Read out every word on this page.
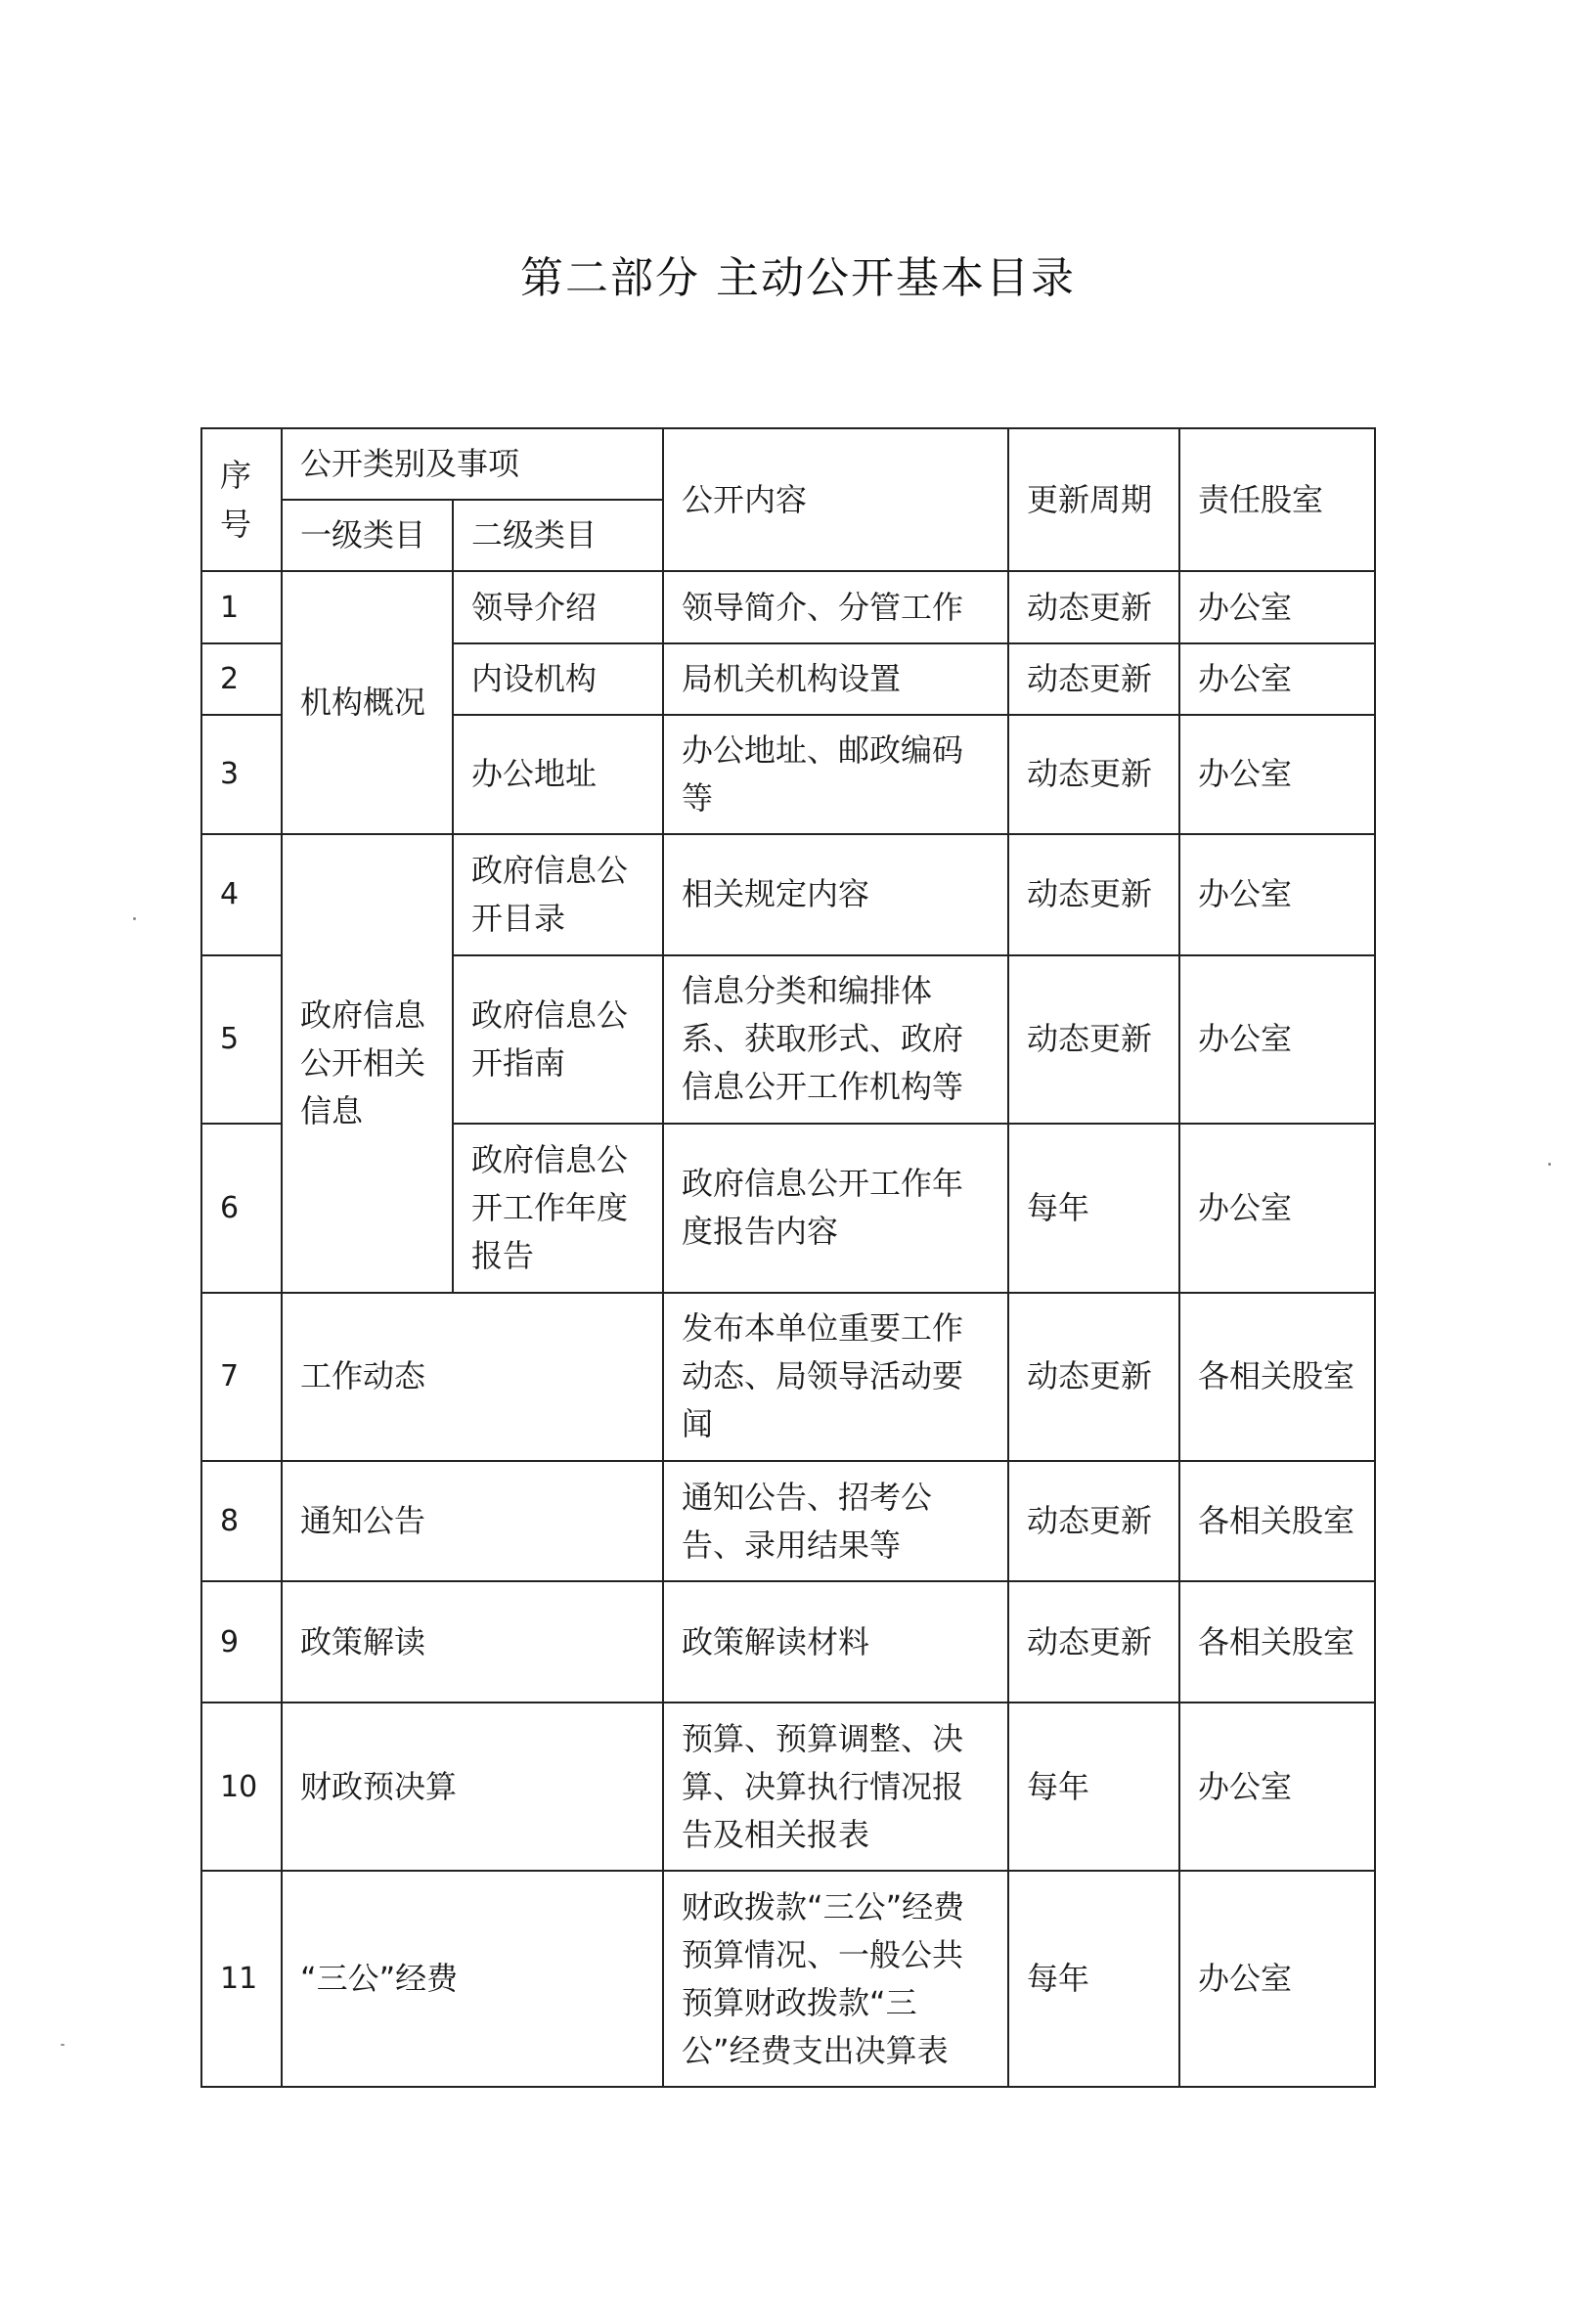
第二部分 主动公开基本目录
序号	公开类别及事项		公开内容	更新周期	责任股室
	一级类目	二级类目			
1	机构概况	领导介绍	领导简介、分管工作	动态更新	办公室
2		内设机构	局机关机构设置	动态更新	办公室
3		办公地址	办公地址、邮政编码等	动态更新	办公室
4	政府信息公开相关信息	政府信息公开目录	相关规定内容	动态更新	办公室
5		政府信息公开指南	信息分类和编排体系、获取形式、政府信息公开工作机构等	动态更新	办公室
6		政府信息公开工作年度报告	政府信息公开工作年度报告内容	每年	办公室
7	工作动态		发布本单位重要工作动态、局领导活动要闻	动态更新	各相关股室
8	通知公告		通知公告、招考公告、录用结果等	动态更新	各相关股室
9	政策解读		政策解读材料	动态更新	各相关股室
10	财政预决算		预算、预算调整、决算、决算执行情况报告及相关报表	每年	办公室
11	“三公”经费		财政拨款“三公”经费预算情况、一般公共预算财政拨款“三公”经费支出决算表	每年	办公室
